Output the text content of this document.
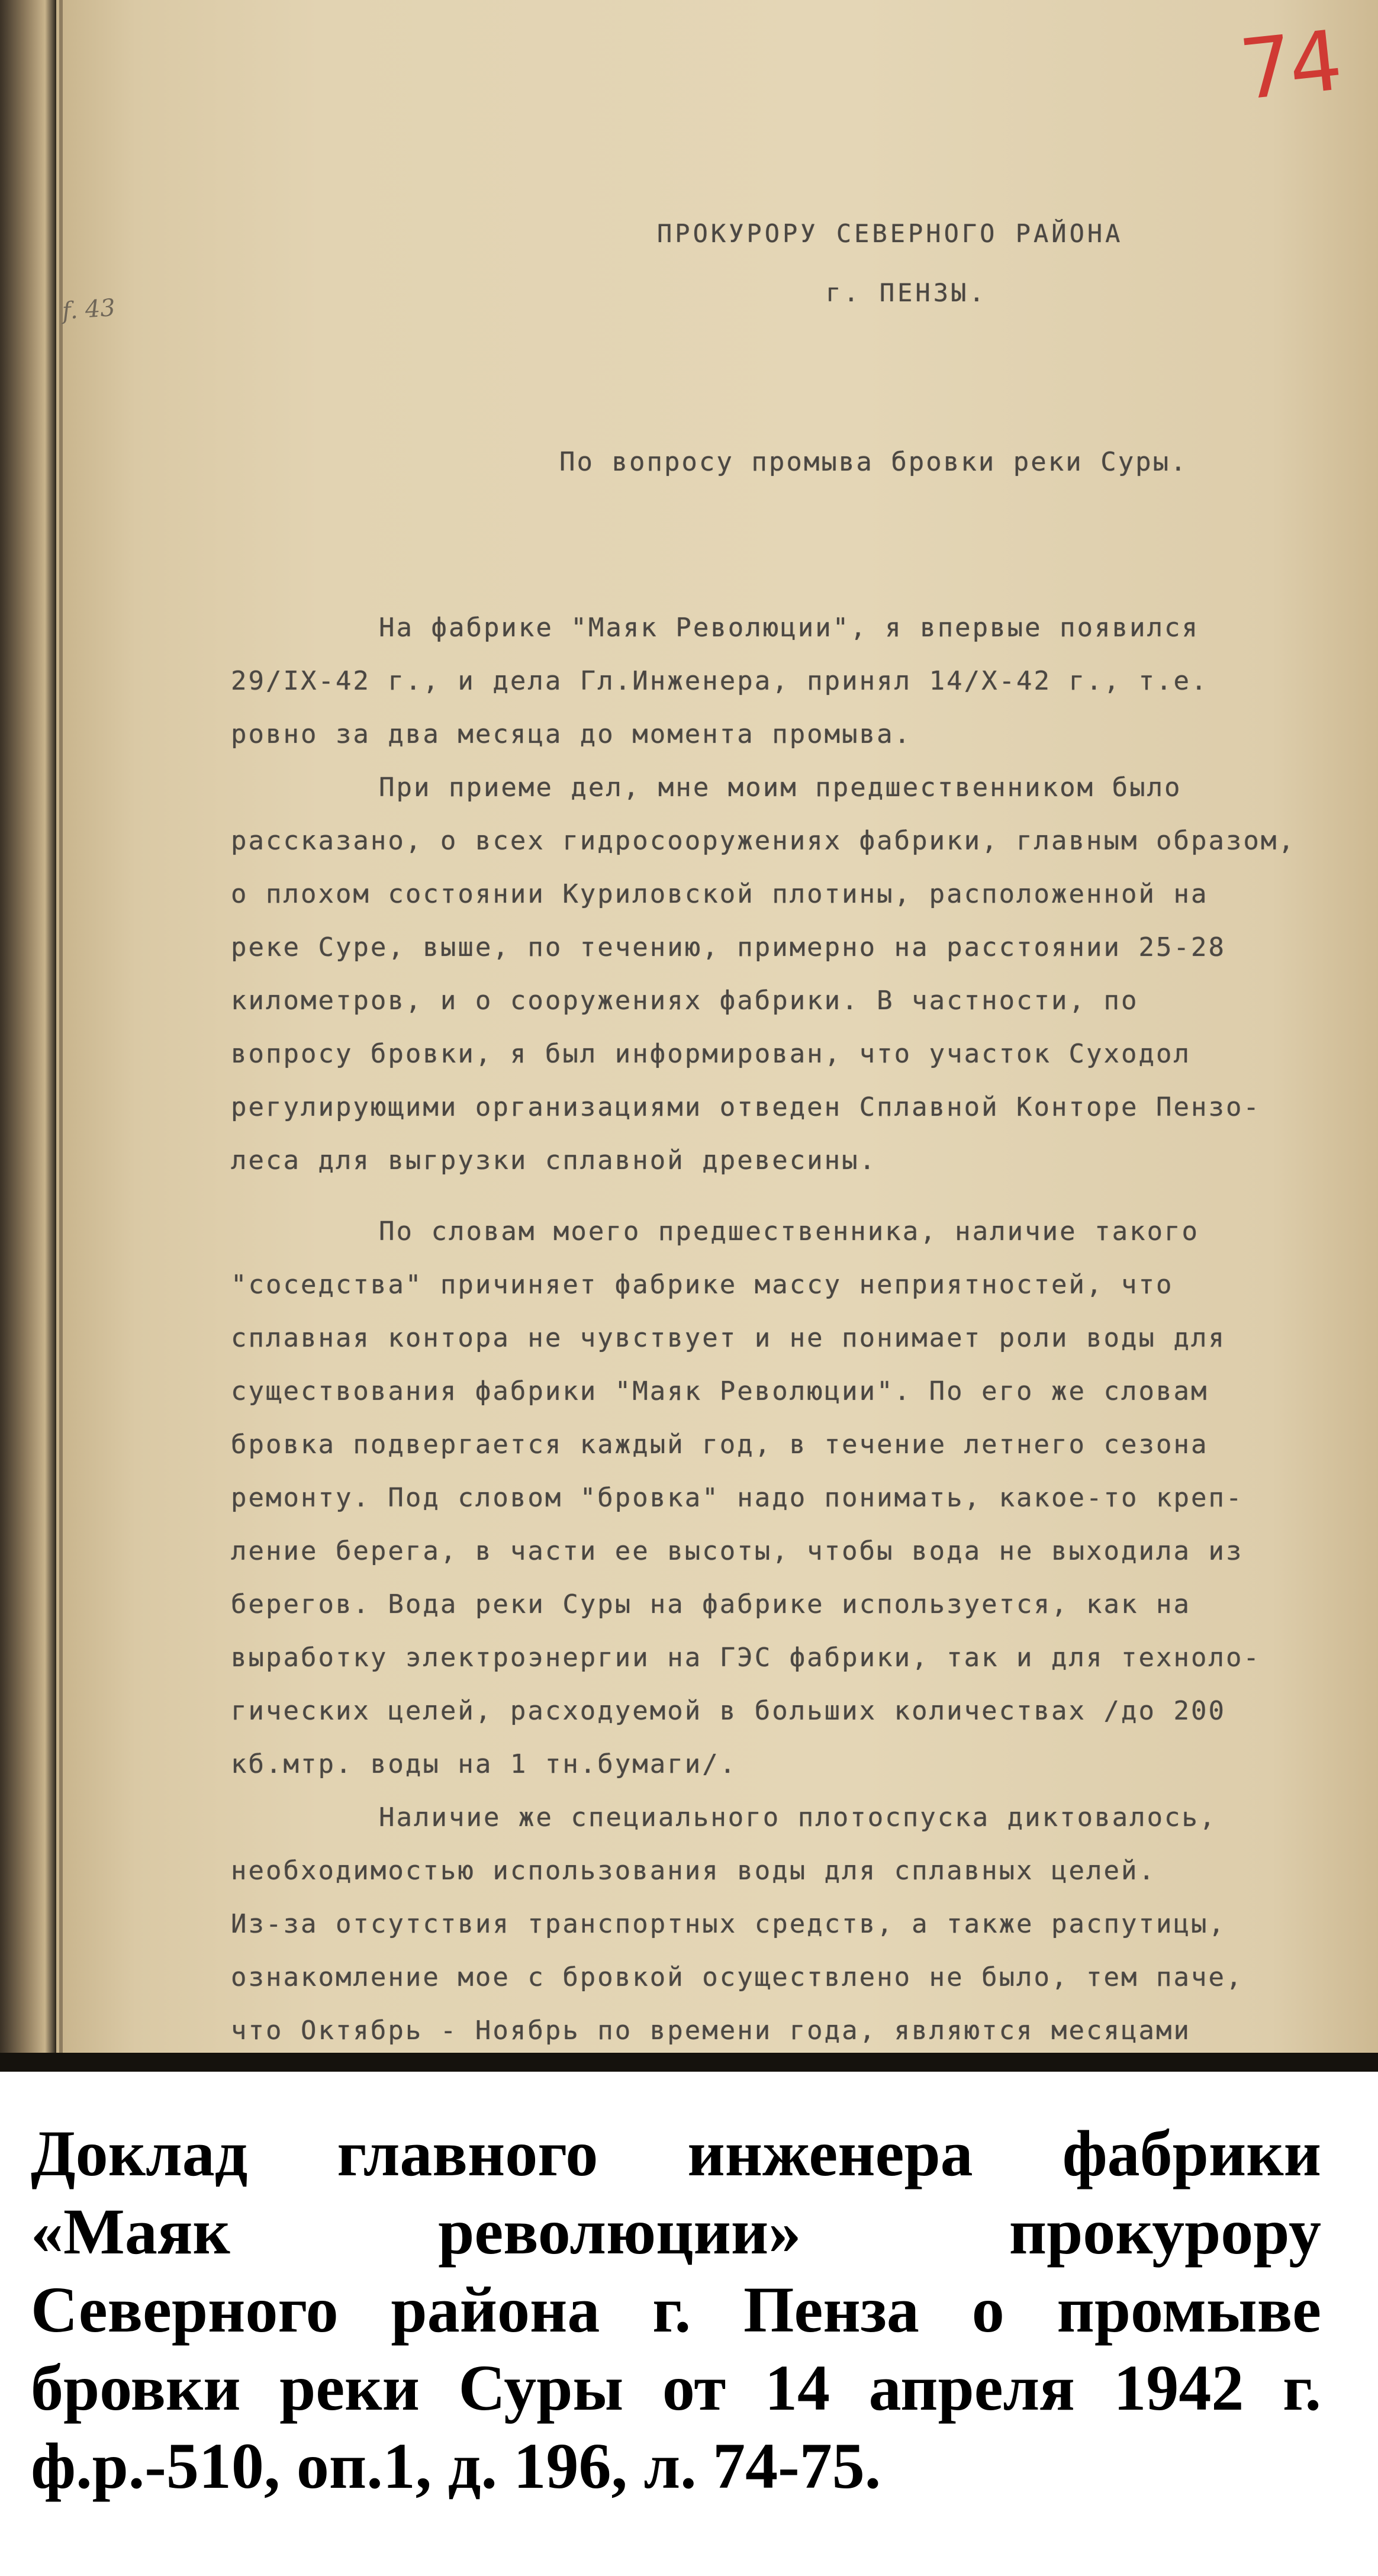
74
f. 43
ПРОКУРОРУ СЕВЕРНОГО РАЙОНА
г. ПЕНЗЫ.
По вопросу промыва бровки реки Суры.
На фабрике "Маяк Революции", я впервые появился
29/IX-42 г., и дела Гл.Инженера, принял 14/X-42 г., т.е.
ровно за два месяца до момента промыва.
При приеме дел, мне моим предшественником было
рассказано, о всех гидросооружениях фабрики, главным образом,
о плохом состоянии Куриловской плотины, расположенной на
реке Суре, выше, по течению, примерно на расстоянии 25-28
километров, и о сооружениях фабрики. В частности, по
вопросу бровки, я был информирован, что участок Суходол
регулирующими организациями отведен Сплавной Конторе Пензо-
леса для выгрузки сплавной древесины.
По словам моего предшественника, наличие такого
"соседства" причиняет фабрике массу неприятностей, что
сплавная контора не чувствует и не понимает роли воды для
существования фабрики "Маяк Революции". По его же словам
бровка подвергается каждый год, в течение летнего сезона
ремонту. Под словом "бровка" надо понимать, какое-то креп-
ление берега, в части ее высоты, чтобы вода не выходила из
берегов. Вода реки Суры на фабрике используется, как на
выработку электроэнергии на ГЭС фабрики, так и для техноло-
гических целей, расходуемой в больших количествах /до 200
кб.мтр. воды на 1 тн.бумаги/.
Наличие же специального плотоспуска диктовалось,
необходимостью использования воды для сплавных целей.
Из-за отсутствия транспортных средств, а также распутицы,
ознакомление мое с бровкой осуществлено не было, тем паче,
что Октябрь - Ноябрь по времени года, являются месяцами
Доклад главного инженера фабрики
«Маяк революции» прокурору
Северного района г. Пенза о промыве
бровки реки Суры от 14 апреля 1942 г.
ф.р.-510, оп.1, д. 196, л. 74-75.
